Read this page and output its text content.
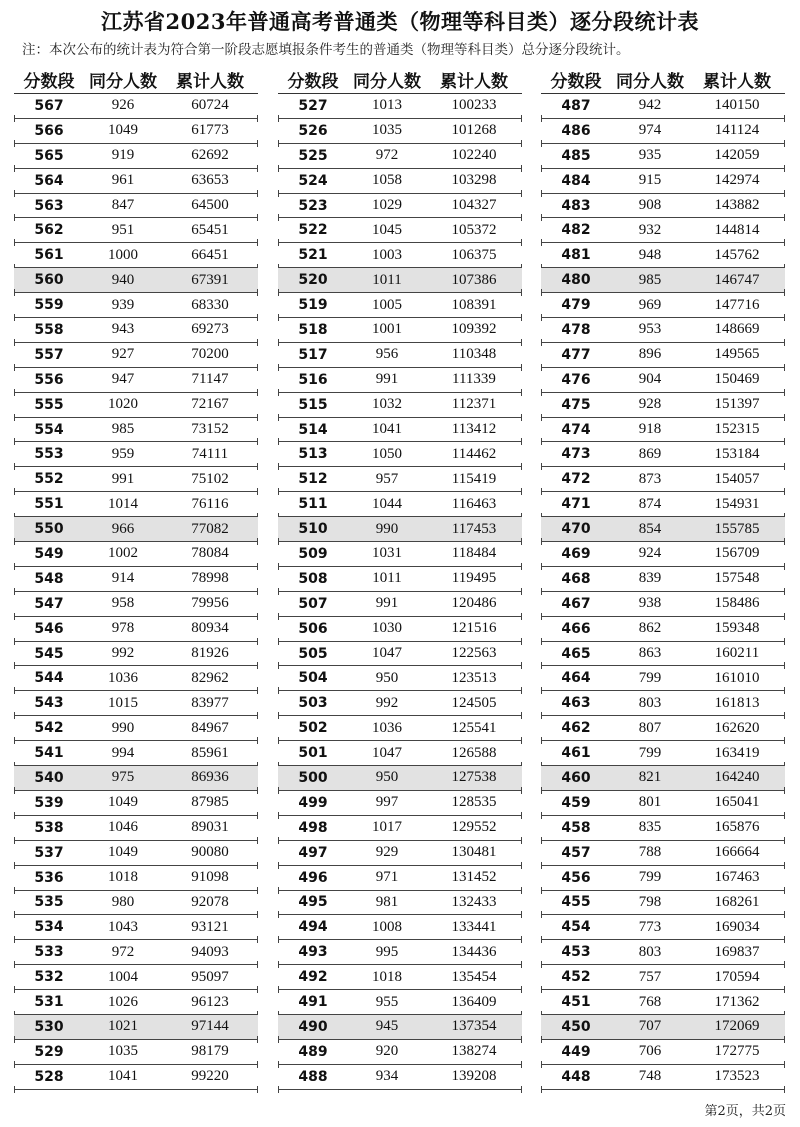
江苏省2023年普通高考普通类（物理等科目类）逐分段统计表
注：本次公布的统计表为符合第一阶段志愿填报条件考生的普通类（物理等科目类）总分逐分段统计。
分数段 同分人数	累计人数
567	926	60724
566	1049	61773
565	919	62692
564	961	63653
563	847	64500
562	951	65451
561	1000	66451
560	940	67391
559	939	68330
558	943	69273
557	927	70200
556	947	71147
555	1020	72167
554	985	73152
553	959	74111
552	991	75102
551	1014	76116
550	966	77082
549	1002	78084
548	914	78998
547	958	79956
546	978	80934
545	992	81926
544	1036	82962
543	1015	83977
542	990	84967
541	994	85961
540	975	86936
539	1049	87985
538	1046	89031
537	1049	90080
536	1018	91098
535	980	92078
534	1043	93121
533	972	94093
532	1004	95097
531	1026	96123
530	1021	97144
529	1035	98179
528	1041	99220
分数段 同分人数	累计人数
527	1013	100233
526	1035	101268
525	972	102240
524	1058	103298
523	1029	104327
522	1045	105372
521	1003	106375
520	1011	107386
519	1005	108391
518	1001	109392
517	956	110348
516	991	111339
515	1032	112371
514	1041	113412
513	1050	114462
512	957	115419
511	1044	116463
510	990	117453
509	1031	118484
508	1011	119495
507	991	120486
506	1030	121516
505	1047	122563
504	950	123513
503	992	124505
502	1036	125541
501	1047	126588
500	950	127538
499	997	128535
498	1017	129552
497	929	130481
496	971	131452
495	981	132433
494	1008	133441
493	995	134436
492	1018	135454
491	955	136409
490	945	137354
489	920	138274
488	934	139208
分数段 同分人数	累计人数
487	942	140150
486	974	141124
485	935	142059
484	915	142974
483	908	143882
482	932	144814
481	948	145762
480	985	146747
479	969	147716
478	953	148669
477	896	149565
476	904	150469
475	928	151397
474	918	152315
473	869	153184
472	873	154057
471	874	154931
470	854	155785
469	924	156709
468	839	157548
467	938	158486
466	862	159348
465	863	160211
464	799	161010
463	803	161813
462	807	162620
461	799	163419
460	821	164240
459	801	165041
458	835	165876
457	788	166664
456	799	167463
455	798	168261
454	773	169034
453	803	169837
452	757	170594
451	768	171362
450	707	172069
449	706	172775
448	748	173523
第2页，共2页
